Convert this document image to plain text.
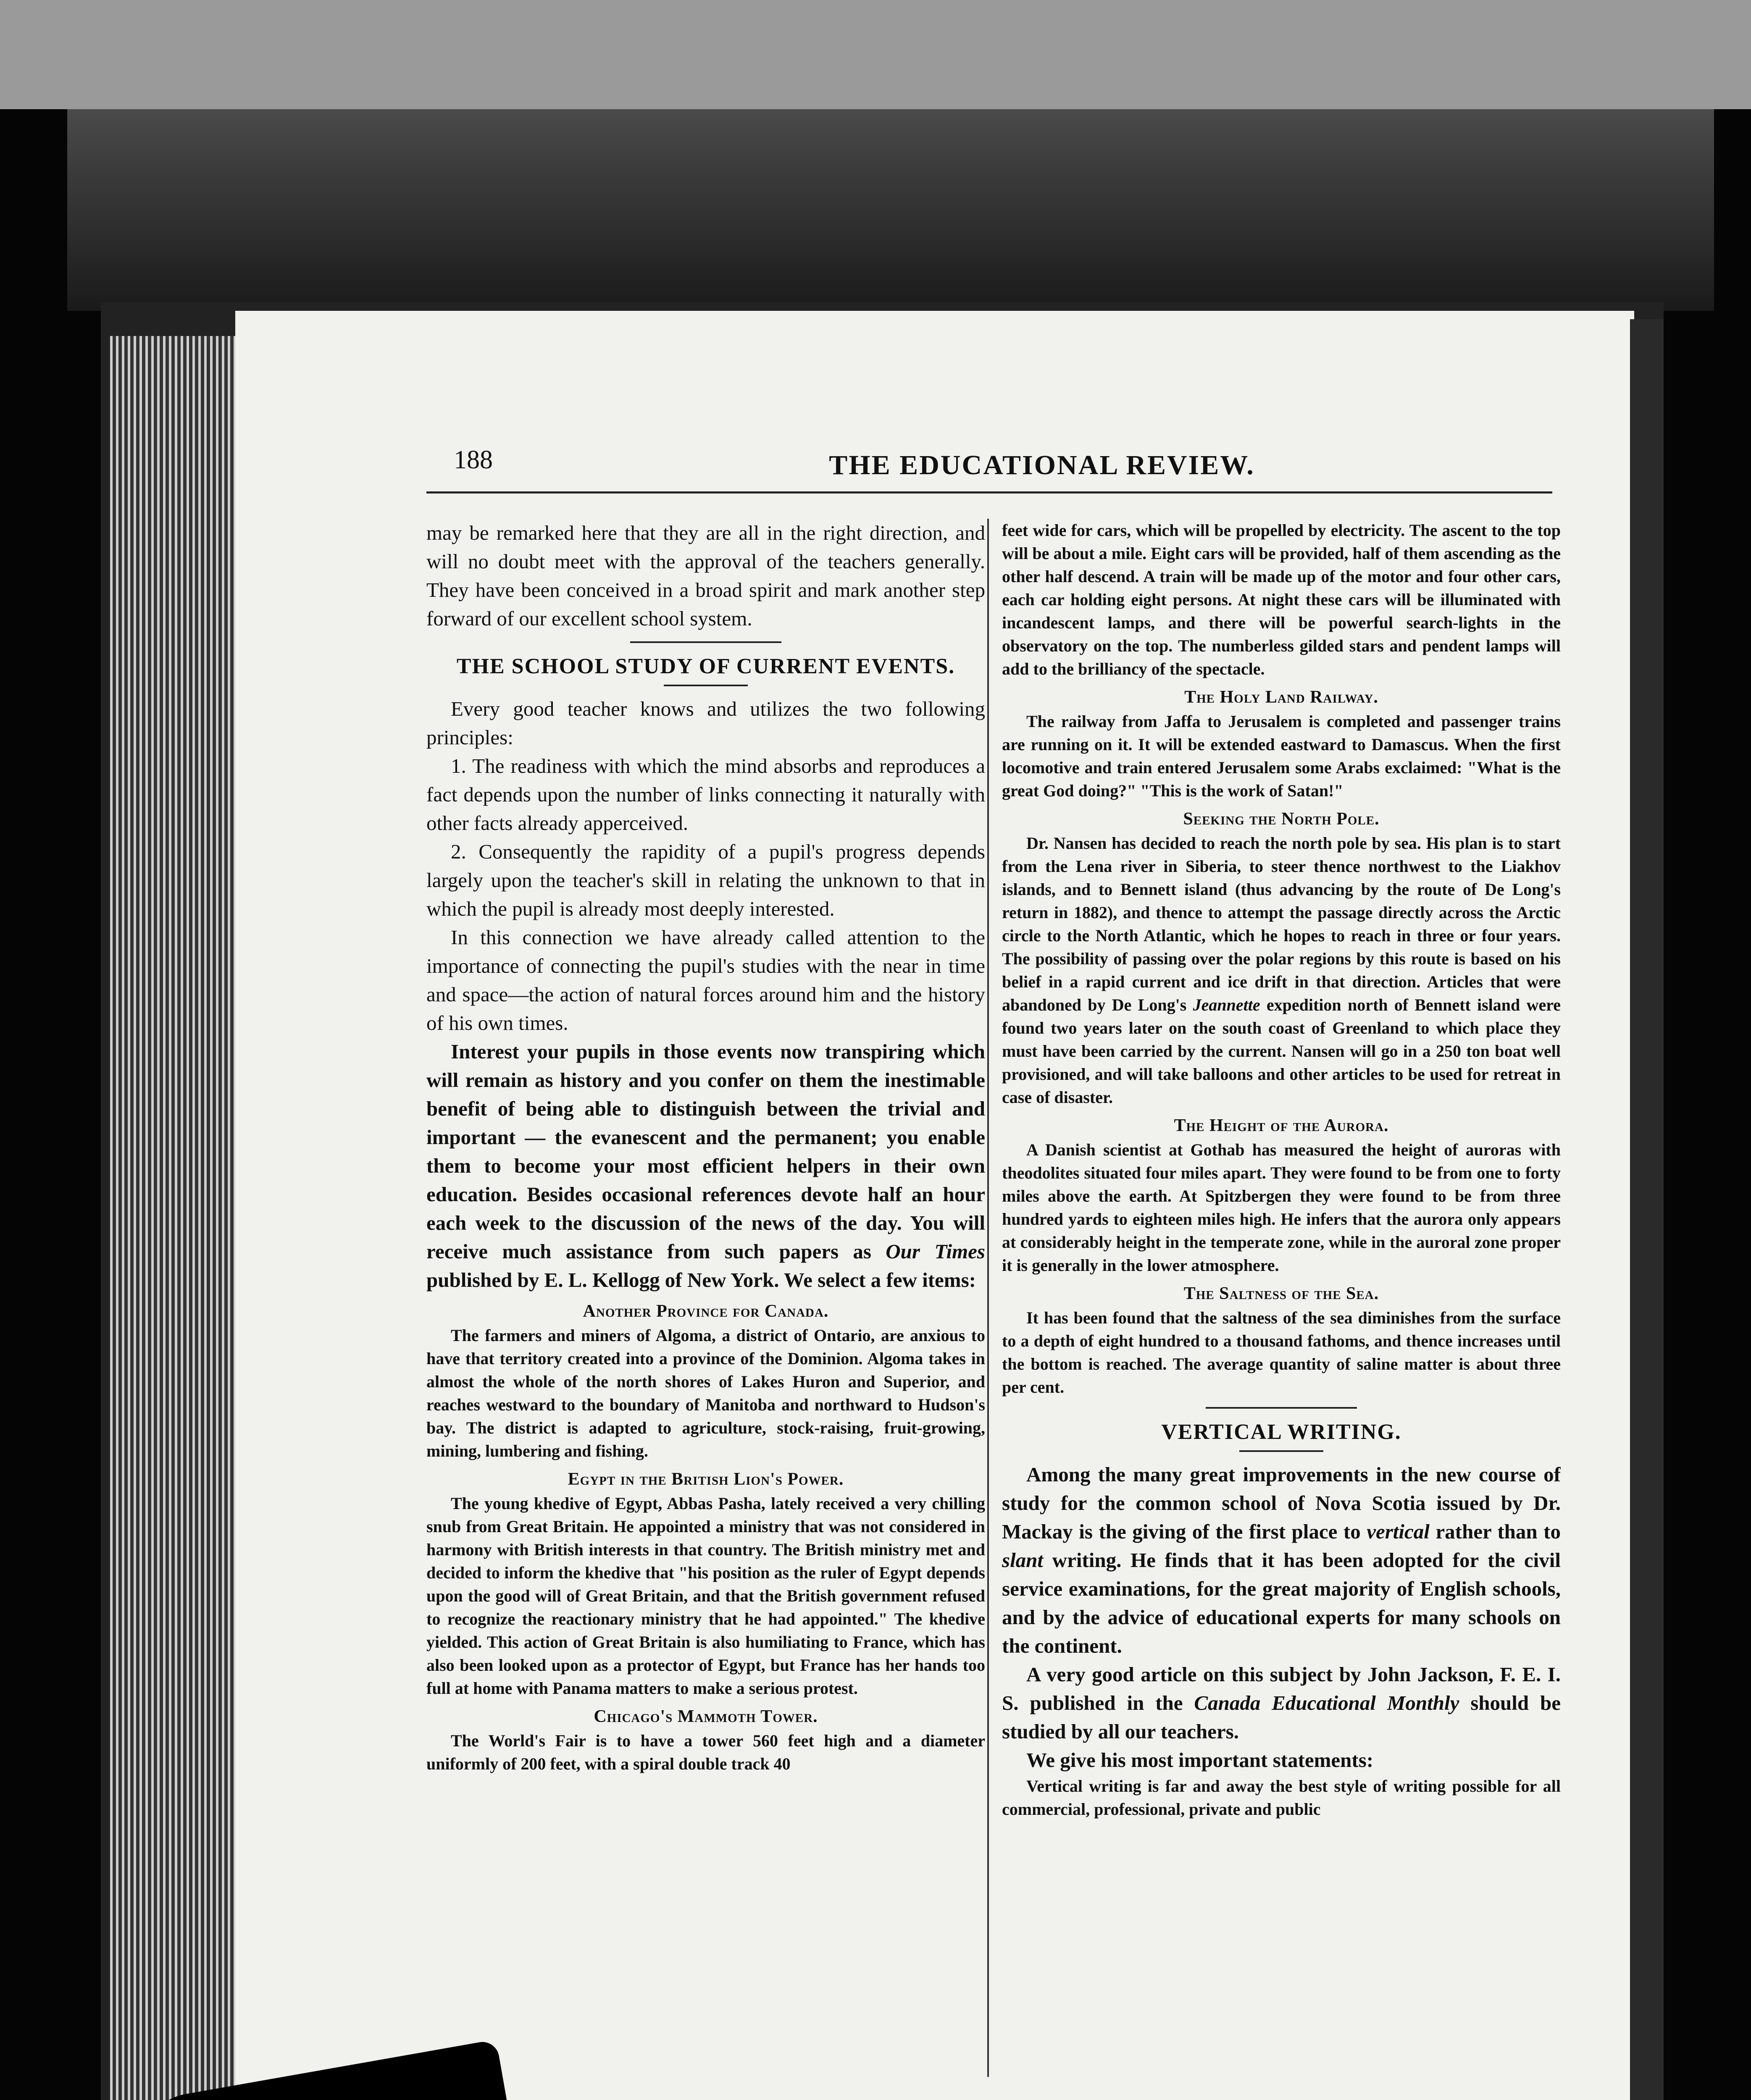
188	THE EDUCATIONAL REVIEW.

may be remarked here that they are all in the right direction, and will no doubt meet with the approval of the teachers generally. They have been conceived in a broad spirit and mark another step forward of our excellent school system.

THE SCHOOL STUDY OF CURRENT EVENTS.

Every good teacher knows and utilizes the two following principles:

1. The readiness with which the mind absorbs and reproduces a fact depends upon the number of links connecting it naturally with other facts already apperceived.

2. Consequently the rapidity of a pupil's progress depends largely upon the teacher's skill in relating the unknown to that in which the pupil is already most deeply interested.

In this connection we have already called attention to the importance of connecting the pupil's studies with the near in time and space—the action of natural forces around him and the history of his own times.

Interest your pupils in those events now transpiring which will remain as history and you confer on them the inestimable benefit of being able to distinguish between the trivial and important — the evanescent and the permanent; you enable them to become your most efficient helpers in their own education. Besides occasional references devote half an hour each week to the discussion of the news of the day. You will receive much assistance from such papers as Our Times published by E. L. Kellogg of New York. We select a few items:

Another Province for Canada.

The farmers and miners of Algoma, a district of Ontario, are anxious to have that territory created into a province of the Dominion. Algoma takes in almost the whole of the north shores of Lakes Huron and Superior, and reaches westward to the boundary of Manitoba and northward to Hudson's bay. The district is adapted to agriculture, stock-raising, fruit-growing, mining, lumbering and fishing.

Egypt in the British Lion's Power.

The young khedive of Egypt, Abbas Pasha, lately received a very chilling snub from Great Britain. He appointed a ministry that was not considered in harmony with British interests in that country. The British ministry met and decided to inform the khedive that "his position as the ruler of Egypt depends upon the good will of Great Britain, and that the British government refused to recognize the reactionary ministry that he had appointed." The khedive yielded. This action of Great Britain is also humiliating to France, which has also been looked upon as a protector of Egypt, but France has her hands too full at home with Panama matters to make a serious protest.

Chicago's Mammoth Tower.

The World's Fair is to have a tower 560 feet high and a diameter uniformly of 200 feet, with a spiral double track 40

feet wide for cars, which will be propelled by electricity. The ascent to the top will be about a mile. Eight cars will be provided, half of them ascending as the other half descend. A train will be made up of the motor and four other cars, each car holding eight persons. At night these cars will be illuminated with incandescent lamps, and there will be powerful search-lights in the observatory on the top. The numberless gilded stars and pendent lamps will add to the brilliancy of the spectacle.

The Holy Land Railway.

The railway from Jaffa to Jerusalem is completed and passenger trains are running on it. It will be extended eastward to Damascus. When the first locomotive and train entered Jerusalem some Arabs exclaimed: "What is the great God doing?" "This is the work of Satan!"

Seeking the North Pole.

Dr. Nansen has decided to reach the north pole by sea. His plan is to start from the Lena river in Siberia, to steer thence northwest to the Liakhov islands, and to Bennett island (thus advancing by the route of De Long's return in 1882), and thence to attempt the passage directly across the Arctic circle to the North Atlantic, which he hopes to reach in three or four years. The possibility of passing over the polar regions by this route is based on his belief in a rapid current and ice drift in that direction. Articles that were abandoned by De Long's Jeannette expedition north of Bennett island were found two years later on the south coast of Greenland to which place they must have been carried by the current. Nansen will go in a 250 ton boat well provisioned, and will take balloons and other articles to be used for retreat in case of disaster.

The Height of the Aurora.

A Danish scientist at Gothab has measured the height of auroras with theodolites situated four miles apart. They were found to be from one to forty miles above the earth. At Spitzbergen they were found to be from three hundred yards to eighteen miles high. He infers that the aurora only appears at considerably height in the temperate zone, while in the auroral zone proper it is generally in the lower atmosphere.

The Saltness of the Sea.

It has been found that the saltness of the sea diminishes from the surface to a depth of eight hundred to a thousand fathoms, and thence increases until the bottom is reached. The average quantity of saline matter is about three per cent.

VERTICAL WRITING.

Among the many great improvements in the new course of study for the common school of Nova Scotia issued by Dr. Mackay is the giving of the first place to vertical rather than to slant writing. He finds that it has been adopted for the civil service examinations, for the great majority of English schools, and by the advice of educational experts for many schools on the continent.

A very good article on this subject by John Jackson, F. E. I. S. published in the Canada Educational Monthly should be studied by all our teachers.

We give his most important statements:

Vertical writing is far and away the best style of writing possible for all commercial, professional, private and public
